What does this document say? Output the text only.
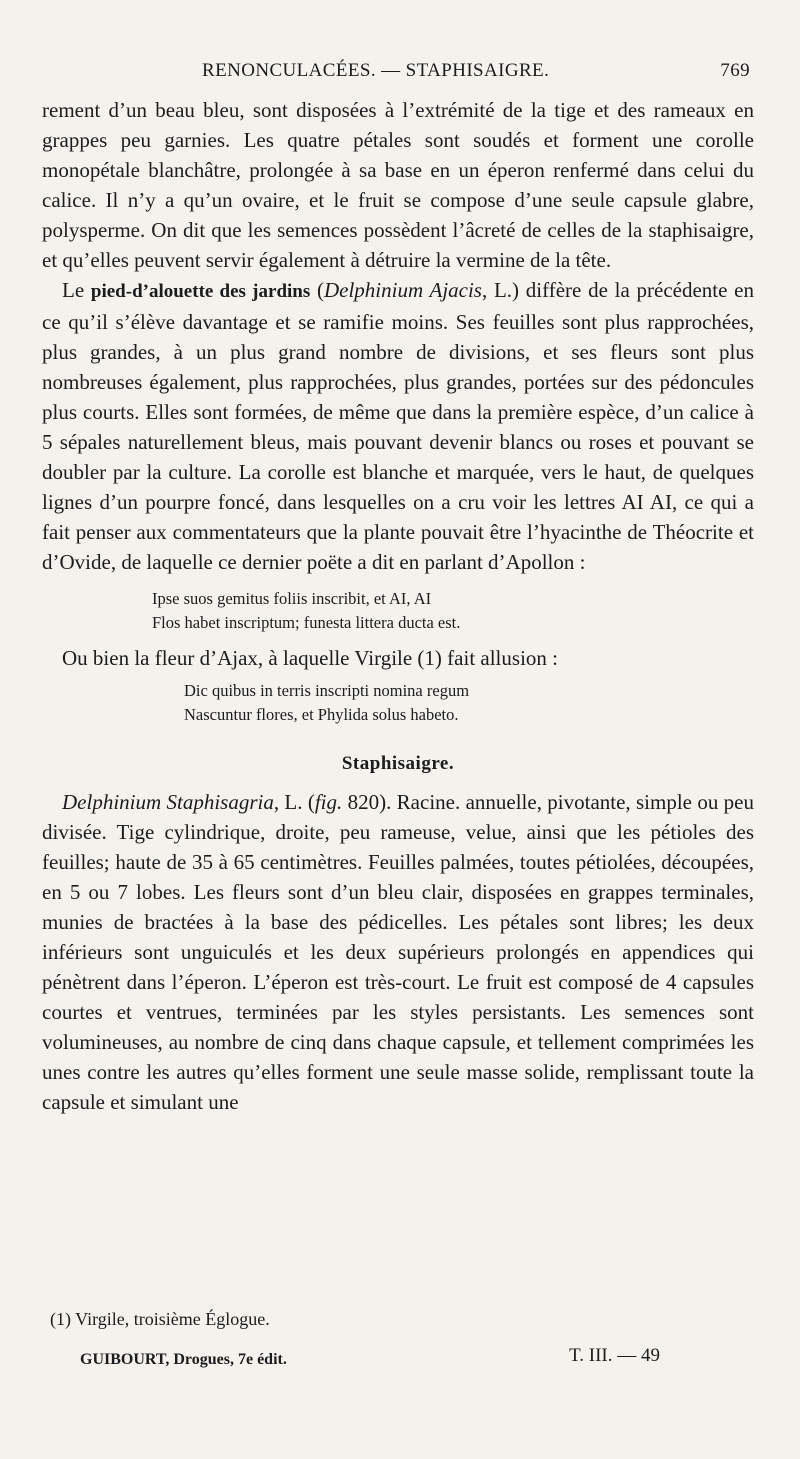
RENONCULACÉES. — STAPHISAIGRE.	769

rement d’un beau bleu, sont disposées à l’extrémité de la tige et des rameaux en grappes peu garnies. Les quatre pétales sont soudés et forment une corolle monopétale blanchâtre, prolongée à sa base en un éperon renfermé dans celui du calice. Il n’y a qu’un ovaire, et le fruit se compose d’une seule capsule glabre, polysperme. On dit que les semences possèdent l’âcreté de celles de la staphisaigre, et qu’elles peuvent servir également à détruire la vermine de la tête.

Le pied-d’alouette des jardins (Delphinium Ajacis, L.) diffère de la précédente en ce qu’il s’élève davantage et se ramifie moins. Ses feuilles sont plus rapprochées, plus grandes, à un plus grand nombre de divisions, et ses fleurs sont plus nombreuses également, plus rapprochées, plus grandes, portées sur des pédoncules plus courts. Elles sont formées, de même que dans la première espèce, d’un calice à 5 sépales naturellement bleus, mais pouvant devenir blancs ou roses et pouvant se doubler par la culture. La corolle est blanche et marquée, vers le haut, de quelques lignes d’un pourpre foncé, dans lesquelles on a cru voir les lettres AI AI, ce qui a fait penser aux commentateurs que la plante pouvait être l’hyacinthe de Théocrite et d’Ovide, de laquelle ce dernier poëte a dit en parlant d’Apollon :

Ipse suos gemitus foliis inscribit, et AI, AI
Flos habet inscriptum; funesta littera ducta est.

Ou bien la fleur d’Ajax, à laquelle Virgile (1) fait allusion :

Dic quibus in terris inscripti nomina regum
Nascuntur flores, et Phylida solus habeto.
Staphisaigre.

Delphinium Staphisagria, L. (fig. 820). Racine. annuelle, pivotante, simple ou peu divisée. Tige cylindrique, droite, peu rameuse, velue, ainsi que les pétioles des feuilles; haute de 35 à 65 centimètres. Feuilles palmées, toutes pétiolées, découpées, en 5 ou 7 lobes. Les fleurs sont d’un bleu clair, disposées en grappes terminales, munies de bractées à la base des pédicelles. Les pétales sont libres; les deux inférieurs sont unguiculés et les deux supérieurs prolongés en appendices qui pénètrent dans l’éperon. L’éperon est très-court. Le fruit est composé de 4 capsules courtes et ventrues, terminées par les styles persistants. Les semences sont volumineuses, au nombre de cinq dans chaque capsule, et tellement comprimées les unes contre les autres qu’elles forment une seule masse solide, remplissant toute la capsule et simulant une

(1) Virgile, troisième Églogue.
GUIBOURT, Drogues, 7e édit.	T. III. — 49
